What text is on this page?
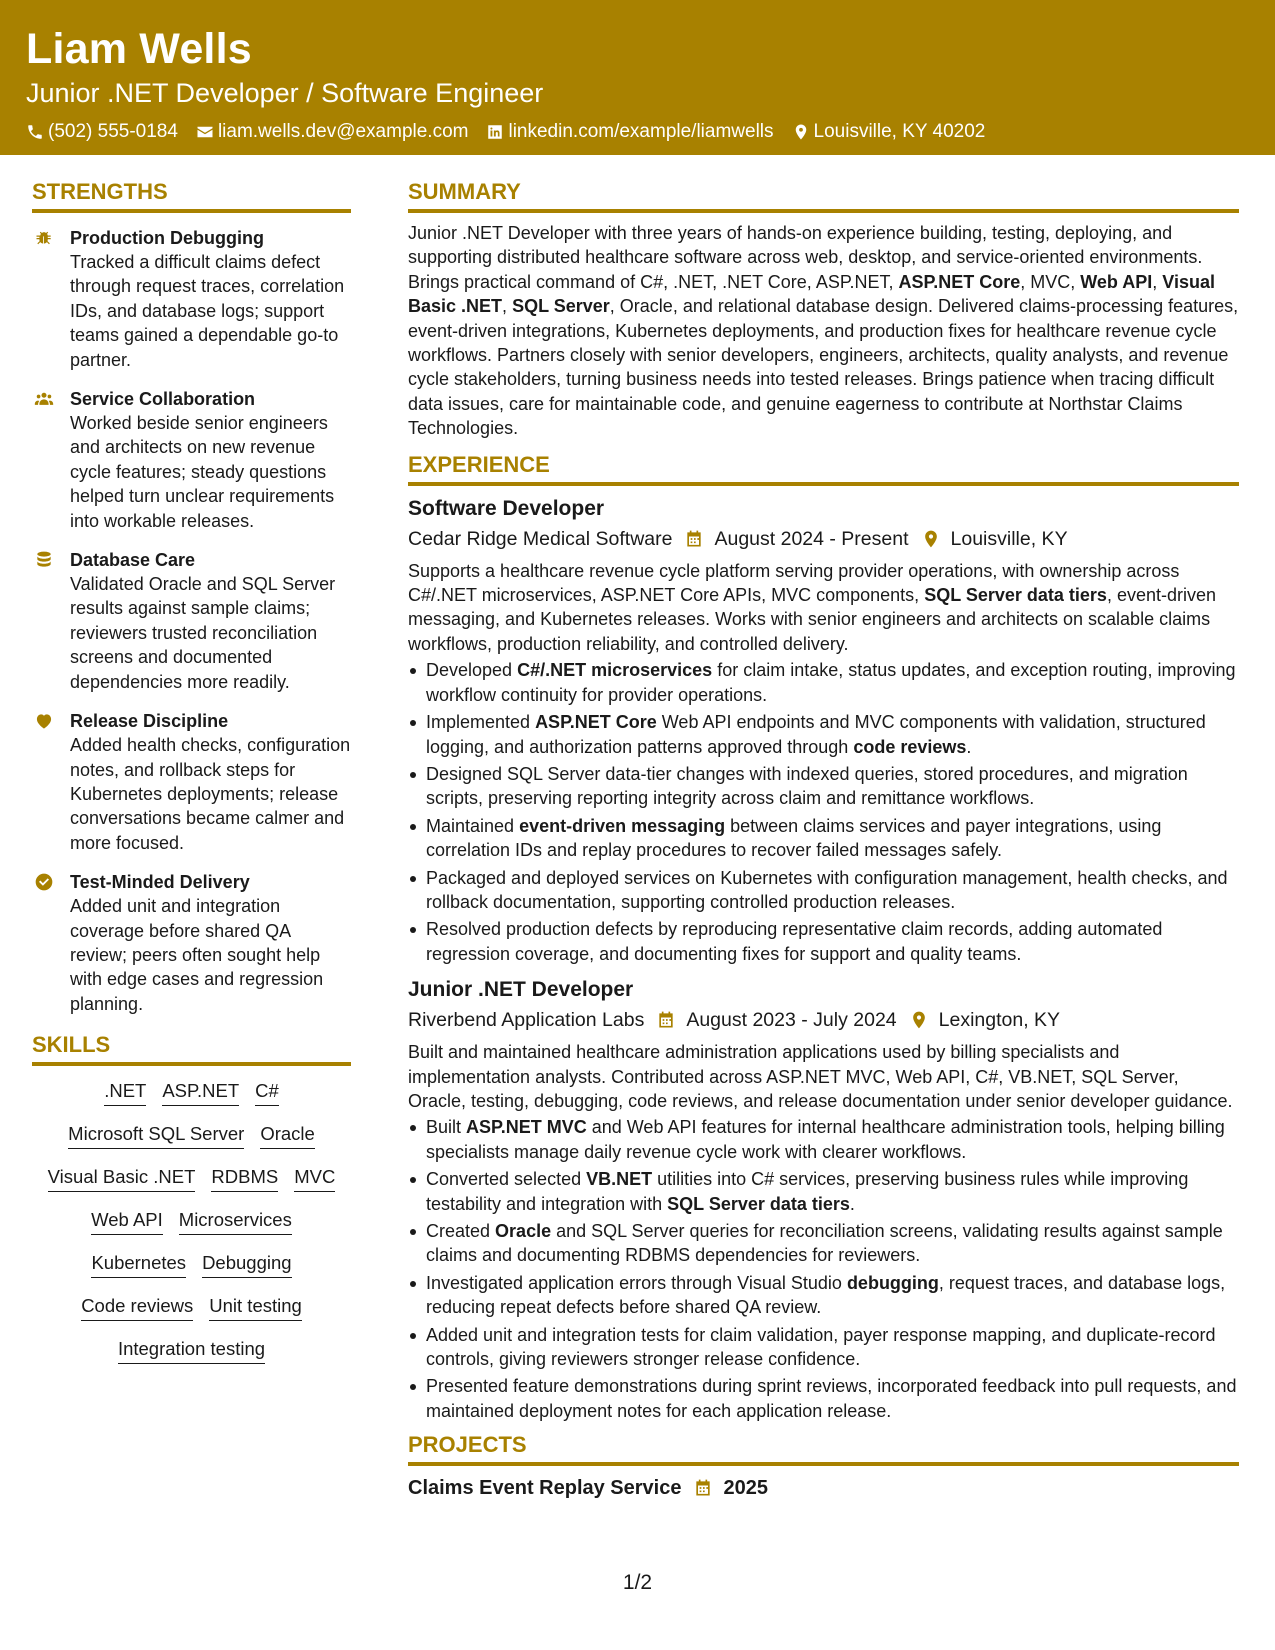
Liam Wells
Junior .NET Developer / Software Engineer
(502) 555-0184 liam.wells.dev@example.com linkedin.com/example/liamwells Louisville, KY 40202
STRENGTHS
Production Debugging
Tracked a difficult claims defect through request traces, correlation IDs, and database logs; support teams gained a dependable go-to partner.
Service Collaboration
Worked beside senior engineers and architects on new revenue cycle features; steady questions helped turn unclear requirements into workable releases.
Database Care
Validated Oracle and SQL Server results against sample claims; reviewers trusted reconciliation screens and documented dependencies more readily.
Release Discipline
Added health checks, configuration notes, and rollback steps for Kubernetes deployments; release conversations became calmer and more focused.
Test-Minded Delivery
Added unit and integration coverage before shared QA review; peers often sought help with edge cases and regression planning.
SKILLS
.NET ASP.NET C#
Microsoft SQL Server Oracle
Visual Basic .NET RDBMS MVC
Web API Microservices
Kubernetes Debugging
Code reviews Unit testing
Integration testing
SUMMARY
Junior .NET Developer with three years of hands-on experience building, testing, deploying, and supporting distributed healthcare software across web, desktop, and service-oriented environments. Brings practical command of C#, .NET, .NET Core, ASP.NET, ASP.NET Core, MVC, Web API, Visual Basic .NET, SQL Server, Oracle, and relational database design. Delivered claims-processing features, event-driven integrations, Kubernetes deployments, and production fixes for healthcare revenue cycle workflows. Partners closely with senior developers, engineers, architects, quality analysts, and revenue cycle stakeholders, turning business needs into tested releases. Brings patience when tracing difficult data issues, care for maintainable code, and genuine eagerness to contribute at Northstar Claims Technologies.
EXPERIENCE
Software Developer
Cedar Ridge Medical Software August 2024 - Present Louisville, KY
Supports a healthcare revenue cycle platform serving provider operations, with ownership across C#/.NET microservices, ASP.NET Core APIs, MVC components, SQL Server data tiers, event-driven messaging, and Kubernetes releases. Works with senior engineers and architects on scalable claims workflows, production reliability, and controlled delivery.
Developed C#/.NET microservices for claim intake, status updates, and exception routing, improving workflow continuity for provider operations.
Implemented ASP.NET Core Web API endpoints and MVC components with validation, structured logging, and authorization patterns approved through code reviews.
Designed SQL Server data-tier changes with indexed queries, stored procedures, and migration scripts, preserving reporting integrity across claim and remittance workflows.
Maintained event-driven messaging between claims services and payer integrations, using correlation IDs and replay procedures to recover failed messages safely.
Packaged and deployed services on Kubernetes with configuration management, health checks, and rollback documentation, supporting controlled production releases.
Resolved production defects by reproducing representative claim records, adding automated regression coverage, and documenting fixes for support and quality teams.
Junior .NET Developer
Riverbend Application Labs August 2023 - July 2024 Lexington, KY
Built and maintained healthcare administration applications used by billing specialists and implementation analysts. Contributed across ASP.NET MVC, Web API, C#, VB.NET, SQL Server, Oracle, testing, debugging, code reviews, and release documentation under senior developer guidance.
Built ASP.NET MVC and Web API features for internal healthcare administration tools, helping billing specialists manage daily revenue cycle work with clearer workflows.
Converted selected VB.NET utilities into C# services, preserving business rules while improving testability and integration with SQL Server data tiers.
Created Oracle and SQL Server queries for reconciliation screens, validating results against sample claims and documenting RDBMS dependencies for reviewers.
Investigated application errors through Visual Studio debugging, request traces, and database logs, reducing repeat defects before shared QA review.
Added unit and integration tests for claim validation, payer response mapping, and duplicate-record controls, giving reviewers stronger release confidence.
Presented feature demonstrations during sprint reviews, incorporated feedback into pull requests, and maintained deployment notes for each application release.
PROJECTS
Claims Event Replay Service 2025
1/2
